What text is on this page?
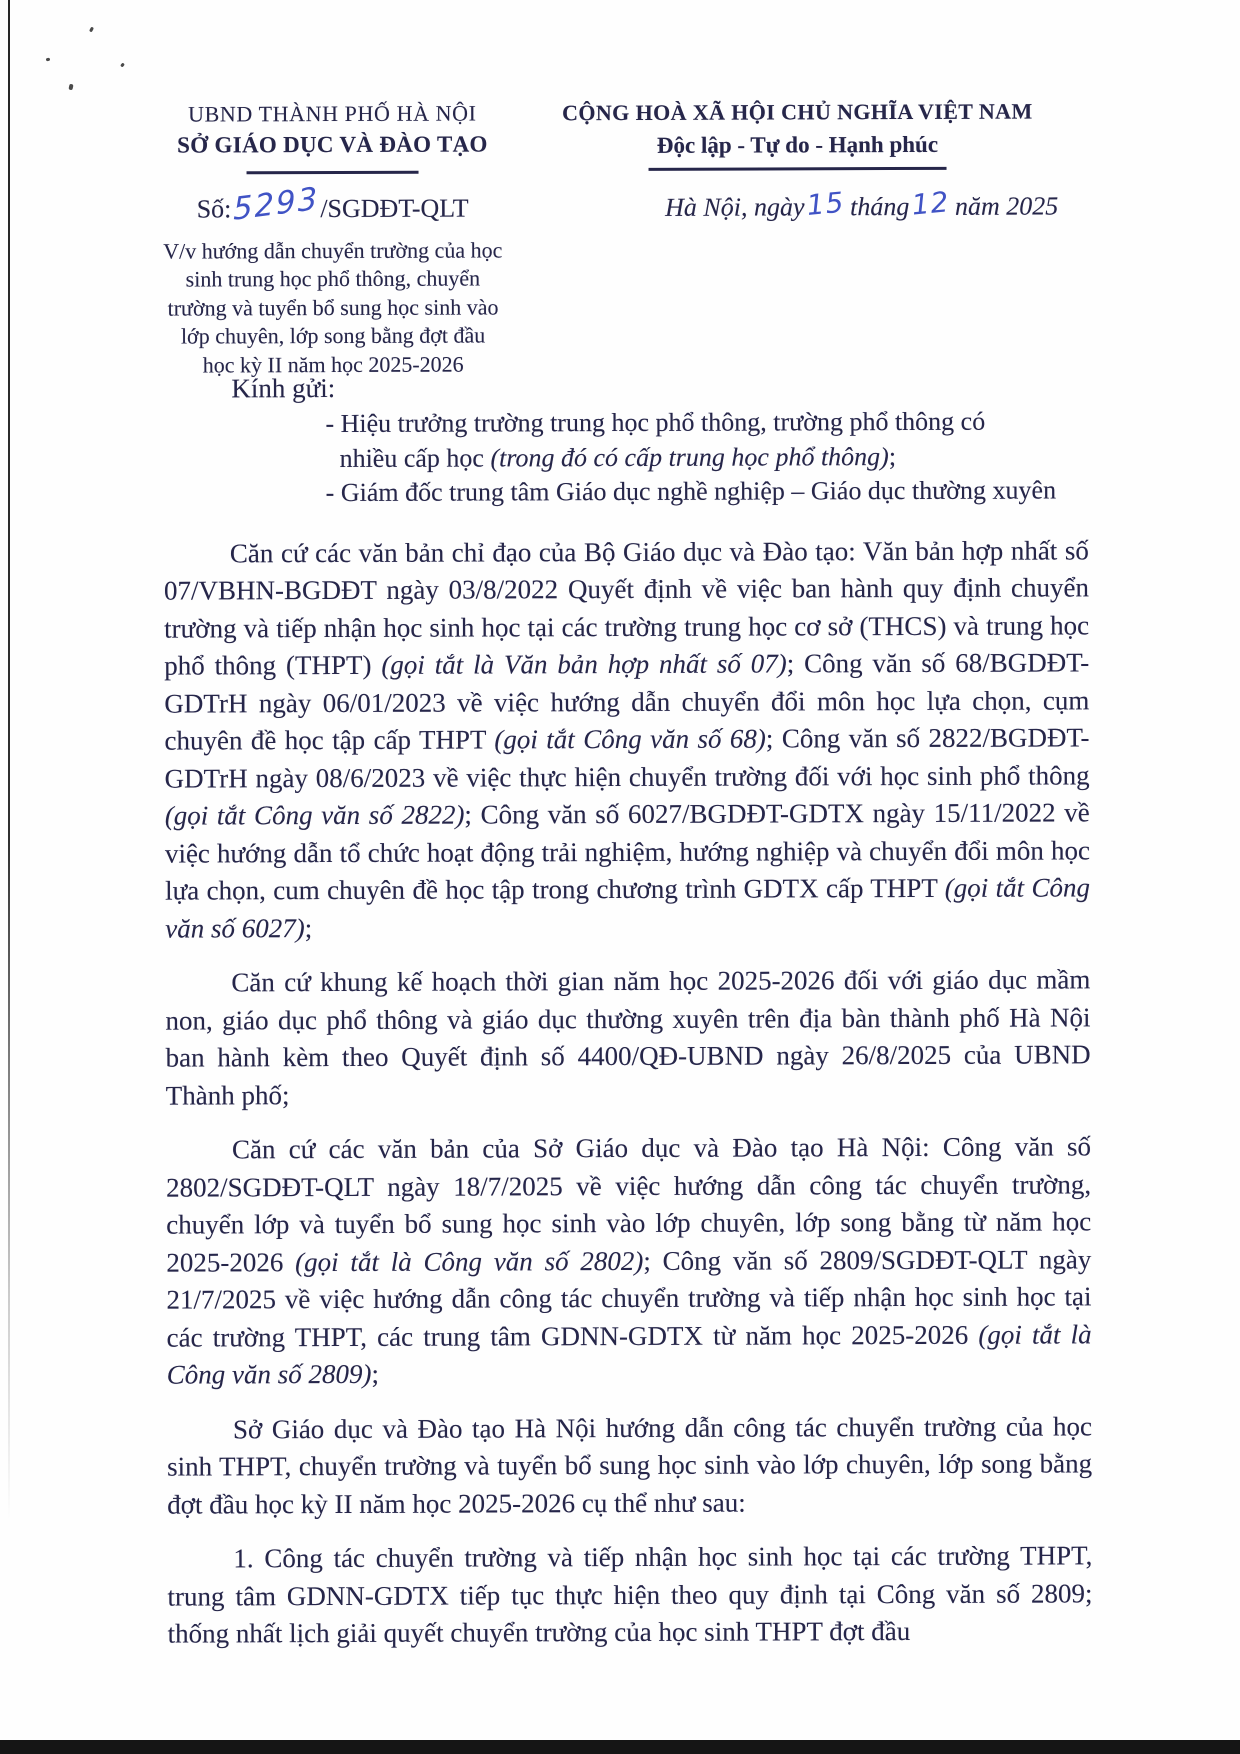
UBND THÀNH PHỐ HÀ NỘI
SỞ GIÁO DỤC VÀ ĐÀO TẠO
Số:5293/SGDĐT-QLT
V/v hướng dẫn chuyển trường của học
sinh trung học phổ thông, chuyển
trường và tuyển bổ sung học sinh vào
lớp chuyên, lớp song bằng đợt đầu
học kỳ II năm học 2025-2026
CỘNG HOÀ XÃ HỘI CHỦ NGHĨA VIỆT NAM
Độc lập - Tự do - Hạnh phúc
Hà Nội, ngày15 tháng12 năm 2025
Kính gửi:
- Hiệu trưởng trường trung học phổ thông, trường phổ thông có
nhiều cấp học (trong đó có cấp trung học phổ thông);
- Giám đốc trung tâm Giáo dục nghề nghiệp – Giáo dục thường xuyên

Căn cứ các văn bản chỉ đạo của Bộ Giáo dục và Đào tạo: Văn bản hợp nhất số 07/VBHN-BGDĐT ngày 03/8/2022 Quyết định về việc ban hành quy định chuyển trường và tiếp nhận học sinh học tại các trường trung học cơ sở (THCS) và trung học phổ thông (THPT) (gọi tắt là Văn bản hợp nhất số 07); Công văn số 68/BGDĐT-GDTrH ngày 06/01/2023 về việc hướng dẫn chuyển đổi môn học lựa chọn, cụm chuyên đề học tập cấp THPT (gọi tắt Công văn số 68); Công văn số 2822/BGDĐT-GDTrH ngày 08/6/2023 về việc thực hiện chuyển trường đối với học sinh phổ thông (gọi tắt Công văn số 2822); Công văn số 6027/BGDĐT-GDTX ngày 15/11/2022 về việc hướng dẫn tổ chức hoạt động trải nghiệm, hướng nghiệp và chuyển đổi môn học lựa chọn, cum chuyên đề học tập trong chương trình GDTX cấp THPT (gọi tắt Công văn số 6027);

Căn cứ khung kế hoạch thời gian năm học 2025-2026 đối với giáo dục mầm non, giáo dục phổ thông và giáo dục thường xuyên trên địa bàn thành phố Hà Nội ban hành kèm theo Quyết định số 4400/QĐ-UBND ngày 26/8/2025 của UBND Thành phố;

Căn cứ các văn bản của Sở Giáo dục và Đào tạo Hà Nội: Công văn số 2802/SGDĐT-QLT ngày 18/7/2025 về việc hướng dẫn công tác chuyển trường, chuyển lớp và tuyển bổ sung học sinh vào lớp chuyên, lớp song bằng từ năm học 2025-2026 (gọi tắt là Công văn số 2802); Công văn số 2809/SGDĐT-QLT ngày 21/7/2025 về việc hướng dẫn công tác chuyển trường và tiếp nhận học sinh học tại các trường THPT, các trung tâm GDNN-GDTX từ năm học 2025-2026 (gọi tắt là Công văn số 2809);

Sở Giáo dục và Đào tạo Hà Nội hướng dẫn công tác chuyển trường của học sinh THPT, chuyển trường và tuyển bổ sung học sinh vào lớp chuyên, lớp song bằng đợt đầu học kỳ II năm học 2025-2026 cụ thể như sau:

1. Công tác chuyển trường và tiếp nhận học sinh học tại các trường THPT, trung tâm GDNN-GDTX tiếp tục thực hiện theo quy định tại Công văn số 2809; thống nhất lịch giải quyết chuyển trường của học sinh THPT đợt đầu
